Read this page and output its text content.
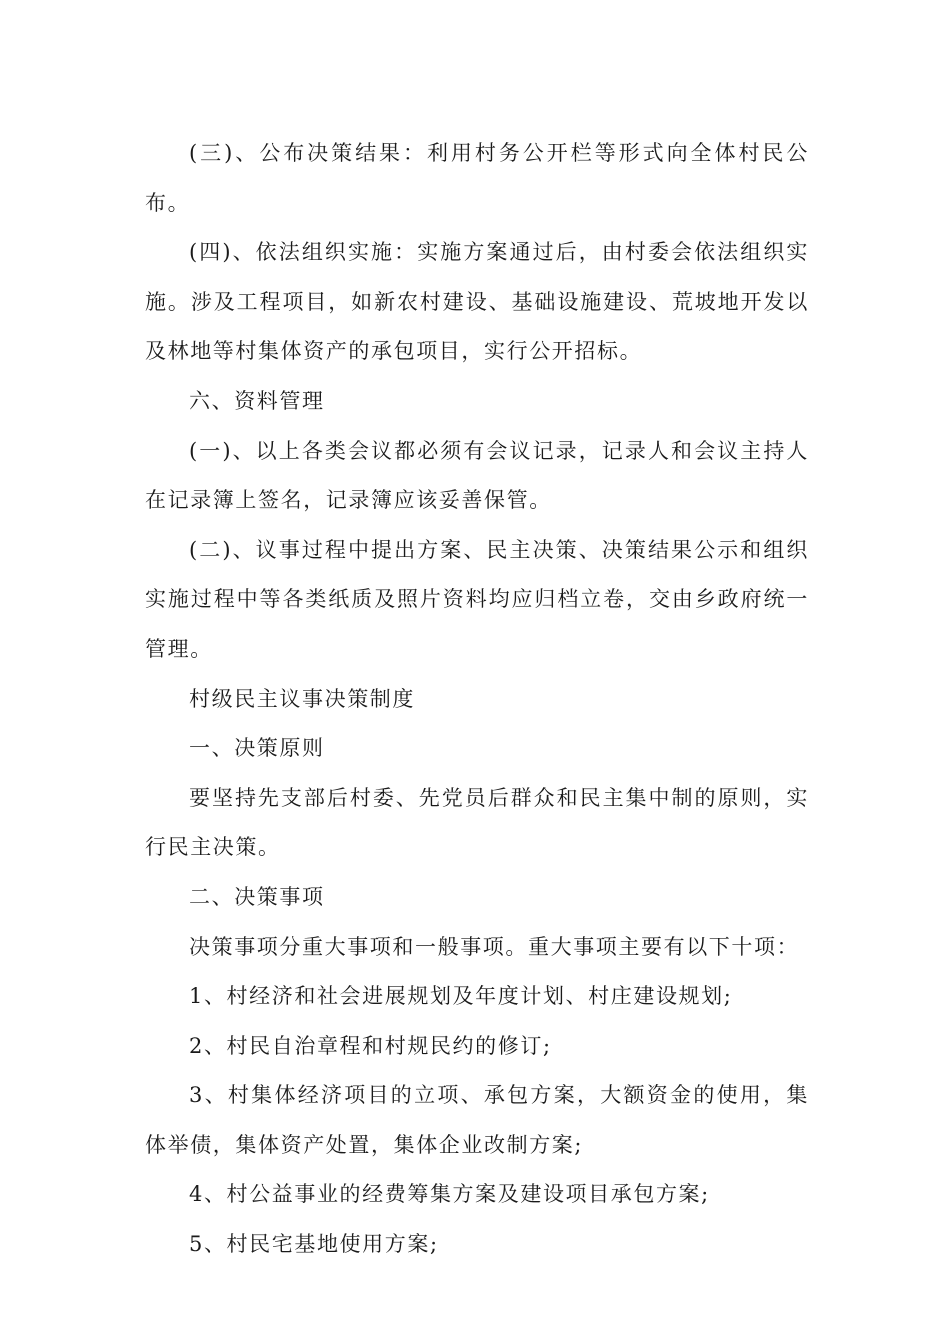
(三)、公布决策结果：利用村务公开栏等形式向全体村民公布。

(四)、依法组织实施：实施方案通过后，由村委会依法组织实施。涉及工程项目，如新农村建设、基础设施建设、荒坡地开发以及林地等村集体资产的承包项目，实行公开招标。

六、资料管理

(一)、以上各类会议都必须有会议记录，记录人和会议主持人在记录簿上签名，记录簿应该妥善保管。

(二)、议事过程中提出方案、民主决策、决策结果公示和组织实施过程中等各类纸质及照片资料均应归档立卷，交由乡政府统一管理。

村级民主议事决策制度

一、决策原则

要坚持先支部后村委、先党员后群众和民主集中制的原则，实行民主决策。

二、决策事项

决策事项分重大事项和一般事项。重大事项主要有以下十项：

1、村经济和社会进展规划及年度计划、村庄建设规划;

2、村民自治章程和村规民约的修订;

3、村集体经济项目的立项、承包方案，大额资金的使用，集体举债，集体资产处置，集体企业改制方案;

4、村公益事业的经费筹集方案及建设项目承包方案;

5、村民宅基地使用方案;
